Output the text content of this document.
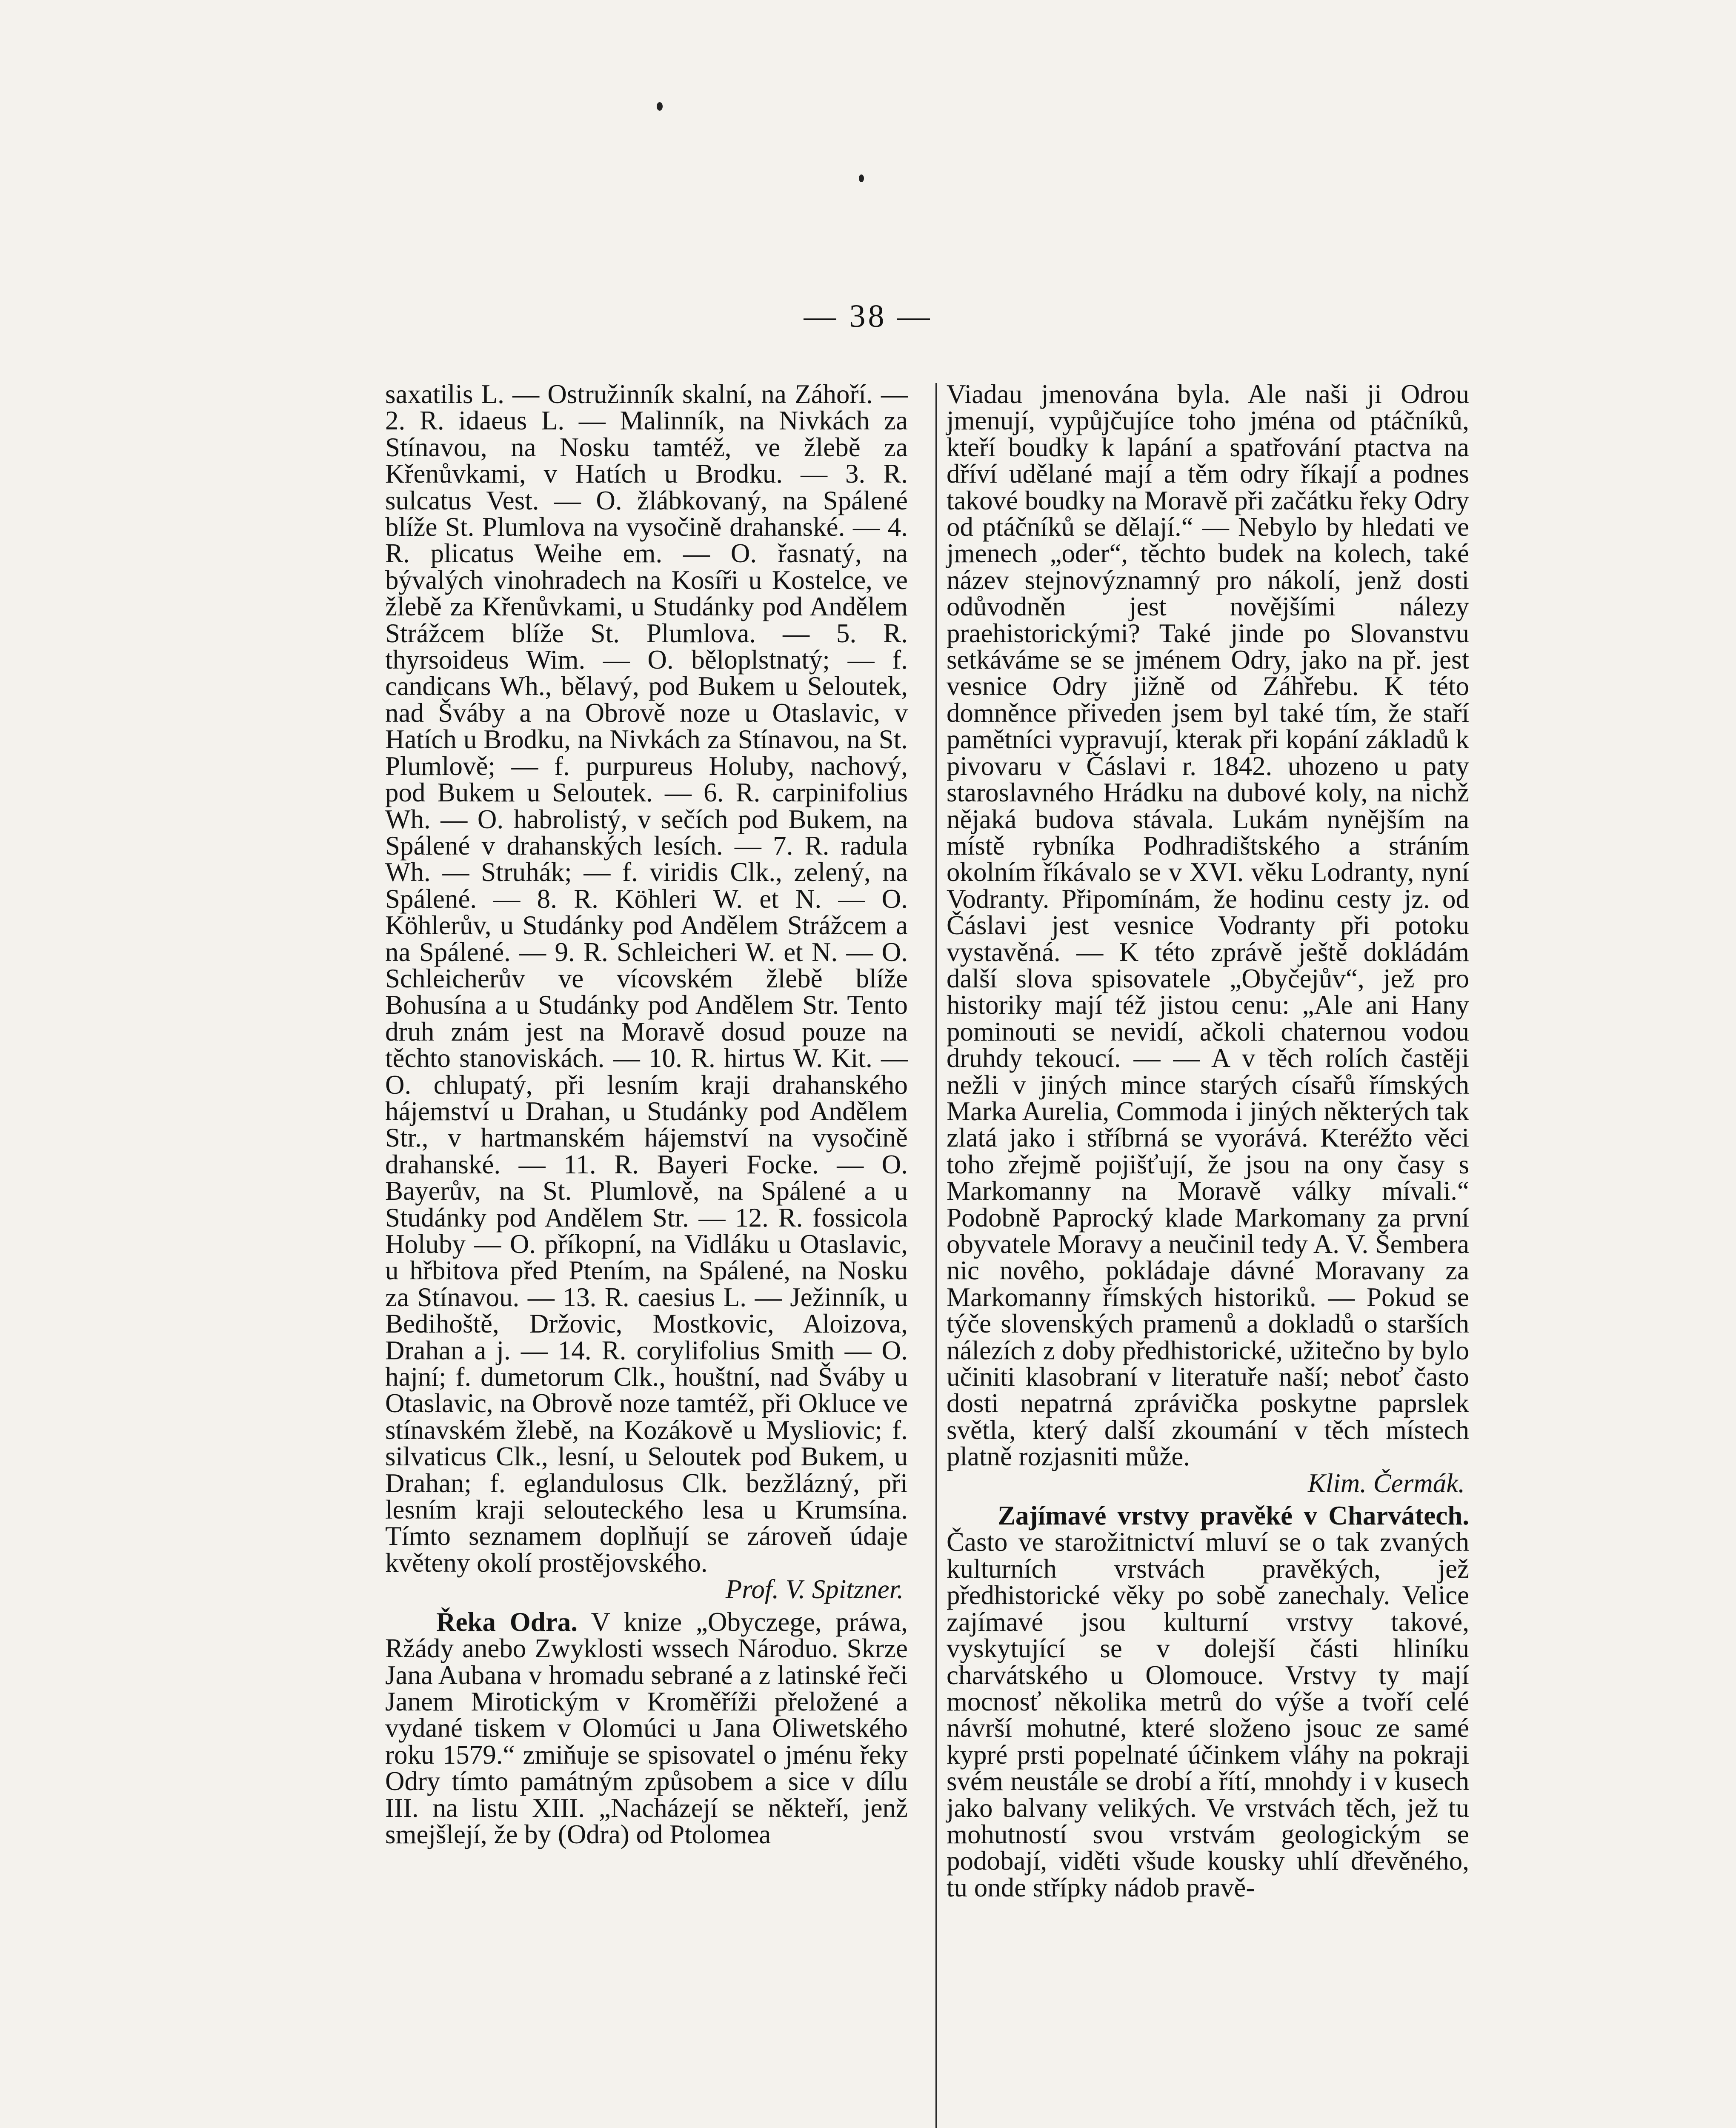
— 38 —

saxatilis L. — Ostružinník skalní, na Záhoří. — 2. R. idaeus L. — Malinník, na Nivkách za Stínavou, na Nosku tamtéž, ve žlebě za Křenůvkami, v Hatích u Brodku. — 3. R. sulcatus Vest. — O. žlábkovaný, na Spálené blíže St. Plumlova na vysočině drahanské. — 4. R. plicatus Weihe em. — O. řasnatý, na bývalých vinohradech na Kosíři u Kostelce, ve žlebě za Křenůvkami, u Studánky pod Andělem Strážcem blíže St. Plumlova. — 5. R. thyrsoideus Wim. — O. běloplstnatý; — f. candicans Wh., bělavý, pod Bukem u Seloutek, nad Šváby a na Obrově noze u Otaslavic, v Hatích u Brodku, na Nivkách za Stínavou, na St. Plumlově; — f. purpureus Holuby, nachový, pod Bukem u Seloutek. — 6. R. carpinifolius Wh. — O. habrolistý, v sečích pod Bukem, na Spálené v drahanských lesích. — 7. R. radula Wh. — Struhák; — f. viridis Clk., zelený, na Spálené. — 8. R. Köhleri W. et N. — O. Köhlerův, u Studánky pod Andělem Strážcem a na Spálené. — 9. R. Schleicheri W. et N. — O. Schleicherův ve vícovském žlebě blíže Bohusína a u Studánky pod Andělem Str. Tento druh znám jest na Moravě dosud pouze na těchto stanoviskách. — 10. R. hirtus W. Kit. — O. chlupatý, při lesním kraji drahanského hájemství u Drahan, u Studánky pod Andělem Str., v hartmanském hájemství na vysočině drahanské. — 11. R. Bayeri Focke. — O. Bayerův, na St. Plumlově, na Spálené a u Studánky pod Andělem Str. — 12. R. fossicola Holuby — O. příkopní, na Vidláku u Otaslavic, u hřbitova před Ptením, na Spálené, na Nosku za Stínavou. — 13. R. caesius L. — Ježinník, u Bedihoště, Držovic, Mostkovic, Aloizova, Drahan a j. — 14. R. corylifolius Smith — O. hajní; f. dumetorum Clk., houštní, nad Šváby u Otaslavic, na Obrově noze tamtéž, při Okluce ve stínavském žlebě, na Kozákově u Mysliovic; f. silvaticus Clk., lesní, u Seloutek pod Bukem, u Drahan; f. eglandulosus Clk. bezžlázný, při lesním kraji selouteckého lesa u Krumsína. Tímto seznamem doplňují se zároveň údaje květeny okolí prostějovského.

Prof. V. Spitzner.

Řeka Odra. V knize „Obyczege, práwa, Ržády anebo Zwyklosti wssech Národuo. Skrze Jana Aubana v hromadu sebrané a z latinské řeči Janem Mirotickým v Kroměříži přeložené a vydané tiskem v Olomúci u Jana Oliwetského roku 1579.“ zmiňuje se spisovatel o jménu řeky Odry tímto památným způsobem a sice v dílu III. na listu XIII. „Nacházejí se někteří, jenž smejšlejí, že by (Odra) od Ptolomea

Viadau jmenována byla. Ale naši ji Odrou jmenují, vypůjčujíce toho jména od ptáčníků, kteří boudky k lapání a spatřování ptactva na dříví udělané mají a těm odry říkají a podnes takové boudky na Moravě při začátku řeky Odry od ptáčníků se dělají.“ — Nebylo by hledati ve jmenech „oder“, těchto budek na kolech, také název stejnovýznamný pro nákolí, jenž dosti odůvodněn jest novějšími nálezy praehistorickými? Také jinde po Slovanstvu setkáváme se se jménem Odry, jako na př. jest vesnice Odry jižně od Záhřebu. K této domněnce přiveden jsem byl také tím, že staří pamětníci vypravují, kterak při kopání základů k pivovaru v Čáslavi r. 1842. uhozeno u paty staroslavného Hrádku na dubové koly, na nichž nějaká budova stávala. Lukám nynějším na místě rybníka Podhradištského a stráním okolním říkávalo se v XVI. věku Lodranty, nyní Vodranty. Připomínám, že hodinu cesty jz. od Čáslavi jest vesnice Vodranty při potoku vystavěná. — K této zprávě ještě dokládám další slova spisovatele „Obyčejův“, jež pro historiky mají též jistou cenu: „Ale ani Hany pominouti se nevidí, ačkoli chaternou vodou druhdy tekoucí. — — A v těch rolích častěji nežli v jiných mince starých císařů římských Marka Aurelia, Commoda i jiných některých tak zlatá jako i stříbrná se vyorává. Kteréžto věci toho zřejmě pojišťují, že jsou na ony časy s Markomanny na Moravě války mívali.“ Podobně Paprocký klade Markomany za první obyvatele Moravy a neučinil tedy A. V. Šembera nic novêho, pokládaje dávné Moravany za Markomanny římských historiků. — Pokud se týče slovenských pramenů a dokladů o starších nálezích z doby předhistorické, užitečno by bylo učiniti klasobraní v literatuře naší; neboť často dosti nepatrná zprávička poskytne paprslek světla, který další zkoumání v těch místech platně rozjasniti může.

Klim. Čermák.

Zajímavé vrstvy pravěké v Charvátech. Často ve starožitnictví mluví se o tak zvaných kulturních vrstvách pravěkých, jež předhistorické věky po sobě zanechaly. Velice zajímavé jsou kulturní vrstvy takové, vyskytující se v dolejší části hliníku charvátského u Olomouce. Vrstvy ty mají mocnosť několika metrů do výše a tvoří celé návrší mohutné, které složeno jsouc ze samé kypré prsti popelnaté účinkem vláhy na pokraji svém neustále se drobí a řítí, mnohdy i v kusech jako balvany velikých. Ve vrstvách těch, jež tu mohutností svou vrstvám geologickým se podobají, viděti všude kousky uhlí dřevěného, tu onde střípky nádob pravě-
